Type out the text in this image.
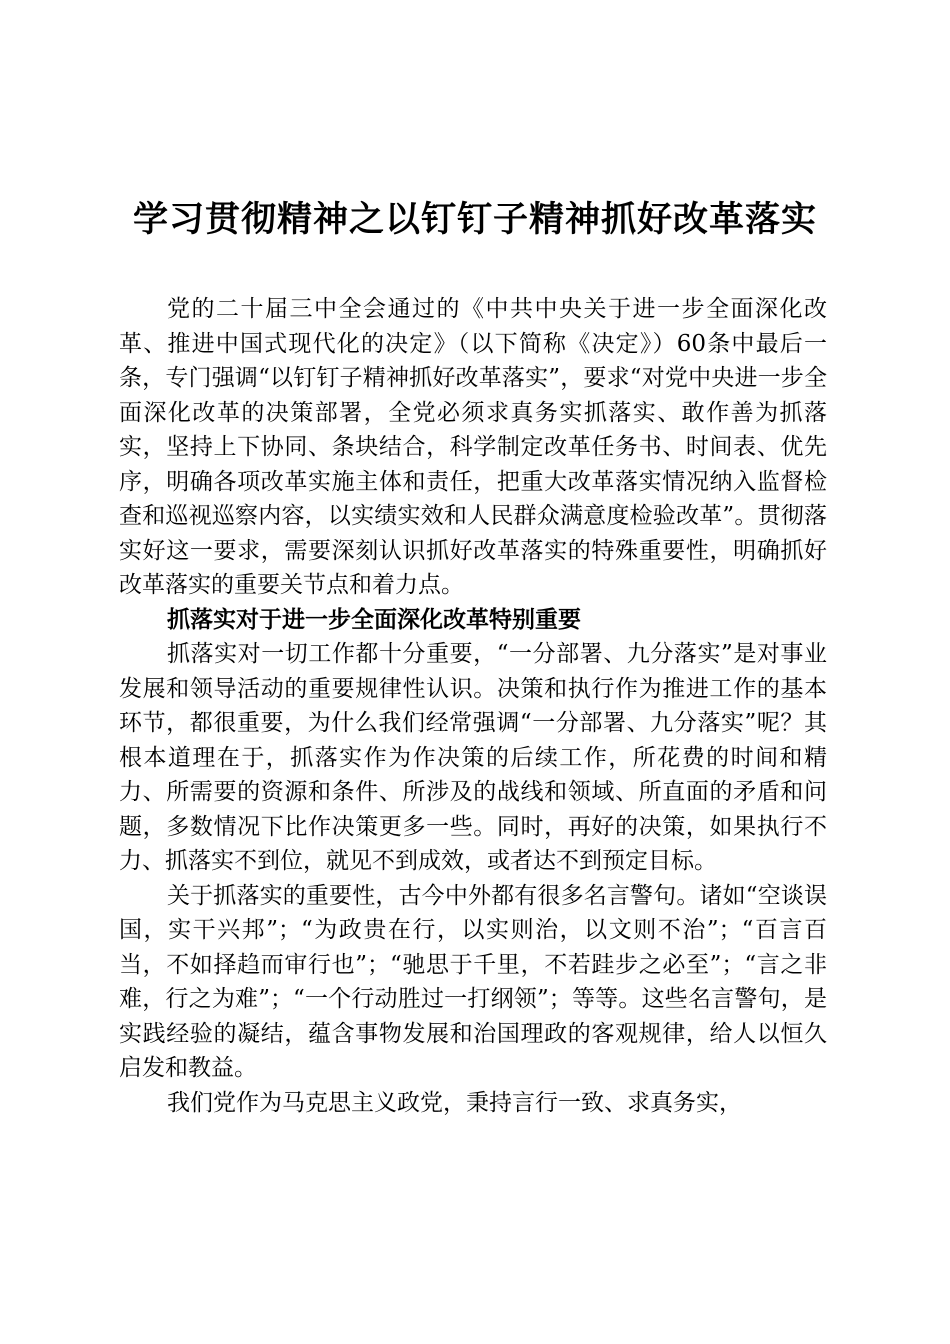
学习贯彻精神之以钉钉子精神抓好改革落实

党的二十届三中全会通过的《中共中央关于进一步全面深化改革、推进中国式现代化的决定》（以下简称《决定》）60条中最后一条，专门强调“以钉钉子精神抓好改革落实”，要求“对党中央进一步全面深化改革的决策部署，全党必须求真务实抓落实、敢作善为抓落实，坚持上下协同、条块结合，科学制定改革任务书、时间表、优先序，明确各项改革实施主体和责任，把重大改革落实情况纳入监督检查和巡视巡察内容，以实绩实效和人民群众满意度检验改革”。贯彻落实好这一要求，需要深刻认识抓好改革落实的特殊重要性，明确抓好改革落实的重要关节点和着力点。

抓落实对于进一步全面深化改革特别重要

抓落实对一切工作都十分重要，“一分部署、九分落实”是对事业发展和领导活动的重要规律性认识。决策和执行作为推进工作的基本环节，都很重要，为什么我们经常强调“一分部署、九分落实”呢？其根本道理在于，抓落实作为作决策的后续工作，所花费的时间和精力、所需要的资源和条件、所涉及的战线和领域、所直面的矛盾和问题，多数情况下比作决策更多一些。同时，再好的决策，如果执行不力、抓落实不到位，就见不到成效，或者达不到预定目标。

关于抓落实的重要性，古今中外都有很多名言警句。诸如“空谈误国，实干兴邦”；“为政贵在行，以实则治，以文则不治”；“百言百当，不如择趋而审行也”；“驰思于千里，不若跬步之必至”；“言之非难，行之为难”；“一个行动胜过一打纲领”；等等。这些名言警句，是实践经验的凝结，蕴含事物发展和治国理政的客观规律，给人以恒久启发和教益。

我们党作为马克思主义政党，秉持言行一致、求真务实，
